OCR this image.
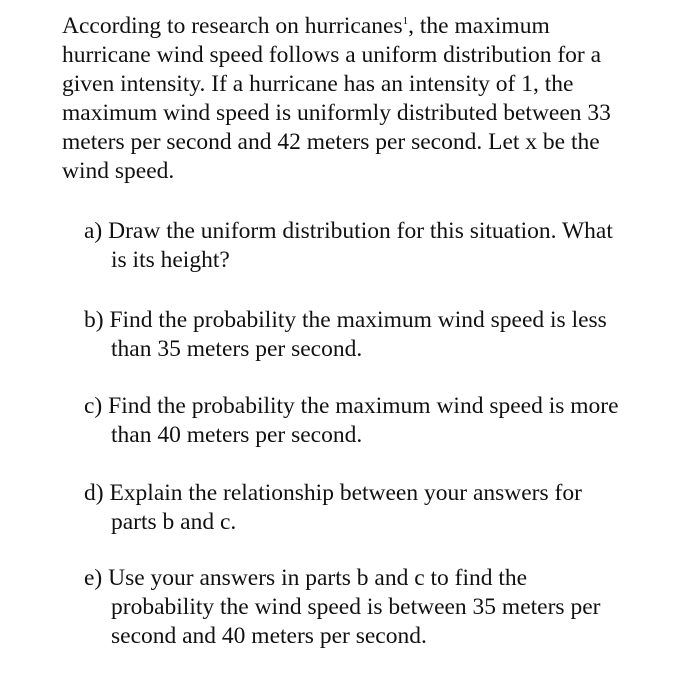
According to research on hurricanes$^1$, the maximum
hurricane wind speed follows a uniform distribution for a
given intensity. If a hurricane has an intensity of 1, the
maximum wind speed is uniformly distributed between 33
meters per second and 42 meters per second. Let x be the
wind speed.
a) Draw the uniform distribution for this situation. What
is its height?
b) Find the probability the maximum wind speed is less
than 35 meters per second.
c) Find the probability the maximum wind speed is more
than 40 meters per second.
d) Explain the relationship between your answers for
parts b and c.
e) Use your answers in parts b and c to find the
probability the wind speed is between 35 meters per
second and 40 meters per second.
